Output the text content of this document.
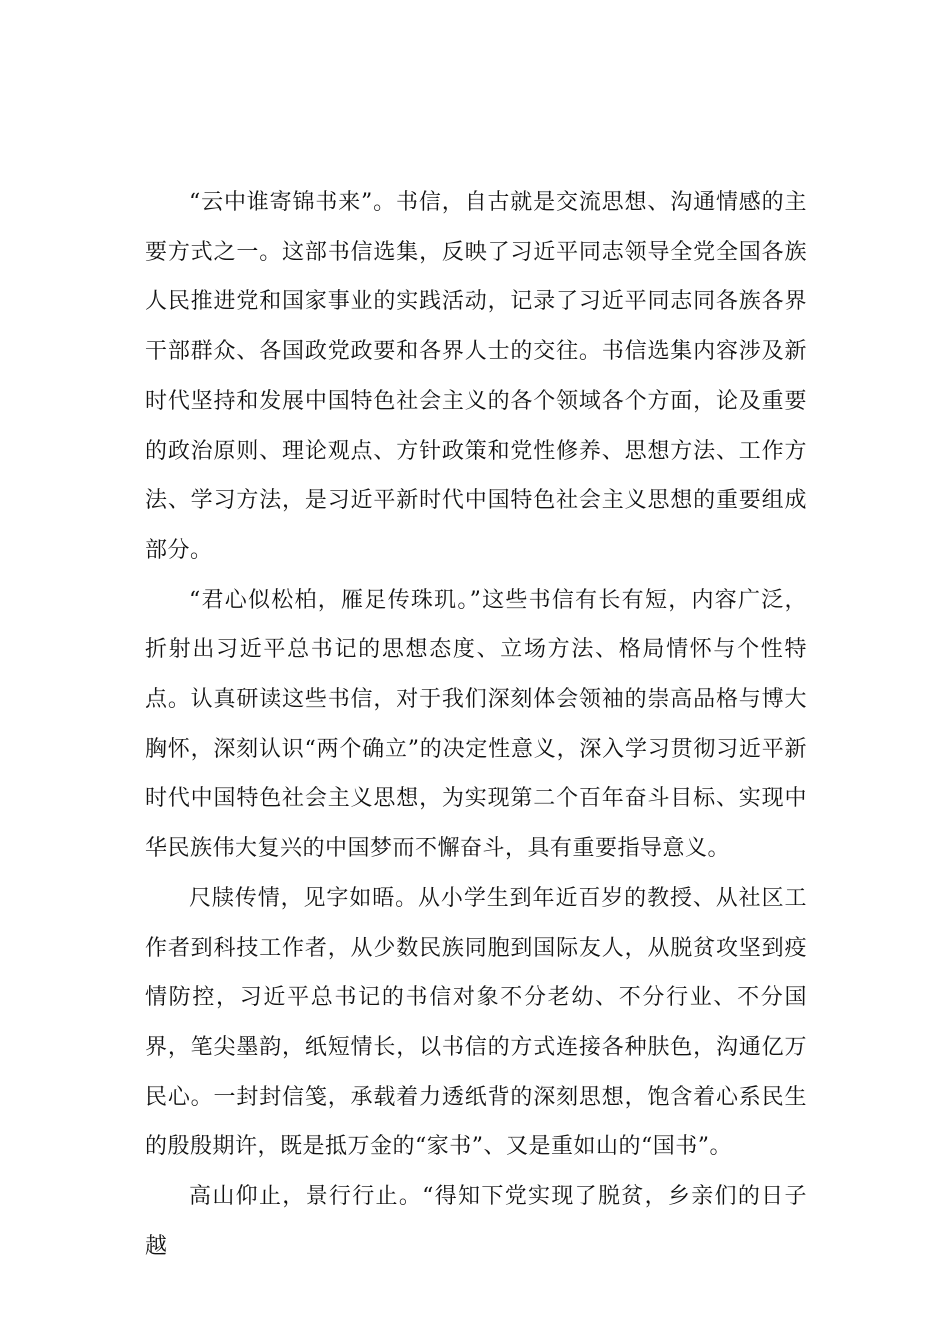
“云中谁寄锦书来”。书信，自古就是交流思想、沟通情感的主要方式之一。这部书信选集，反映了习近平同志领导全党全国各族人民推进党和国家事业的实践活动，记录了习近平同志同各族各界干部群众、各国政党政要和各界人士的交往。书信选集内容涉及新时代坚持和发展中国特色社会主义的各个领域各个方面，论及重要的政治原则、理论观点、方针政策和党性修养、思想方法、工作方法、学习方法，是习近平新时代中国特色社会主义思想的重要组成部分。

“君心似松柏，雁足传珠玑。”这些书信有长有短，内容广泛，折射出习近平总书记的思想态度、立场方法、格局情怀与个性特点。认真研读这些书信，对于我们深刻体会领袖的崇高品格与博大胸怀，深刻认识“两个确立”的决定性意义，深入学习贯彻习近平新时代中国特色社会主义思想，为实现第二个百年奋斗目标、实现中华民族伟大复兴的中国梦而不懈奋斗，具有重要指导意义。

尺牍传情，见字如晤。从小学生到年近百岁的教授、从社区工作者到科技工作者，从少数民族同胞到国际友人，从脱贫攻坚到疫情防控，习近平总书记的书信对象不分老幼、不分行业、不分国界，笔尖墨韵，纸短情长，以书信的方式连接各种肤色，沟通亿万民心。一封封信笺，承载着力透纸背的深刻思想，饱含着心系民生的殷殷期许，既是抵万金的“家书”、又是重如山的“国书”。

高山仰止，景行行止。“得知下党实现了脱贫，乡亲们的日子越
